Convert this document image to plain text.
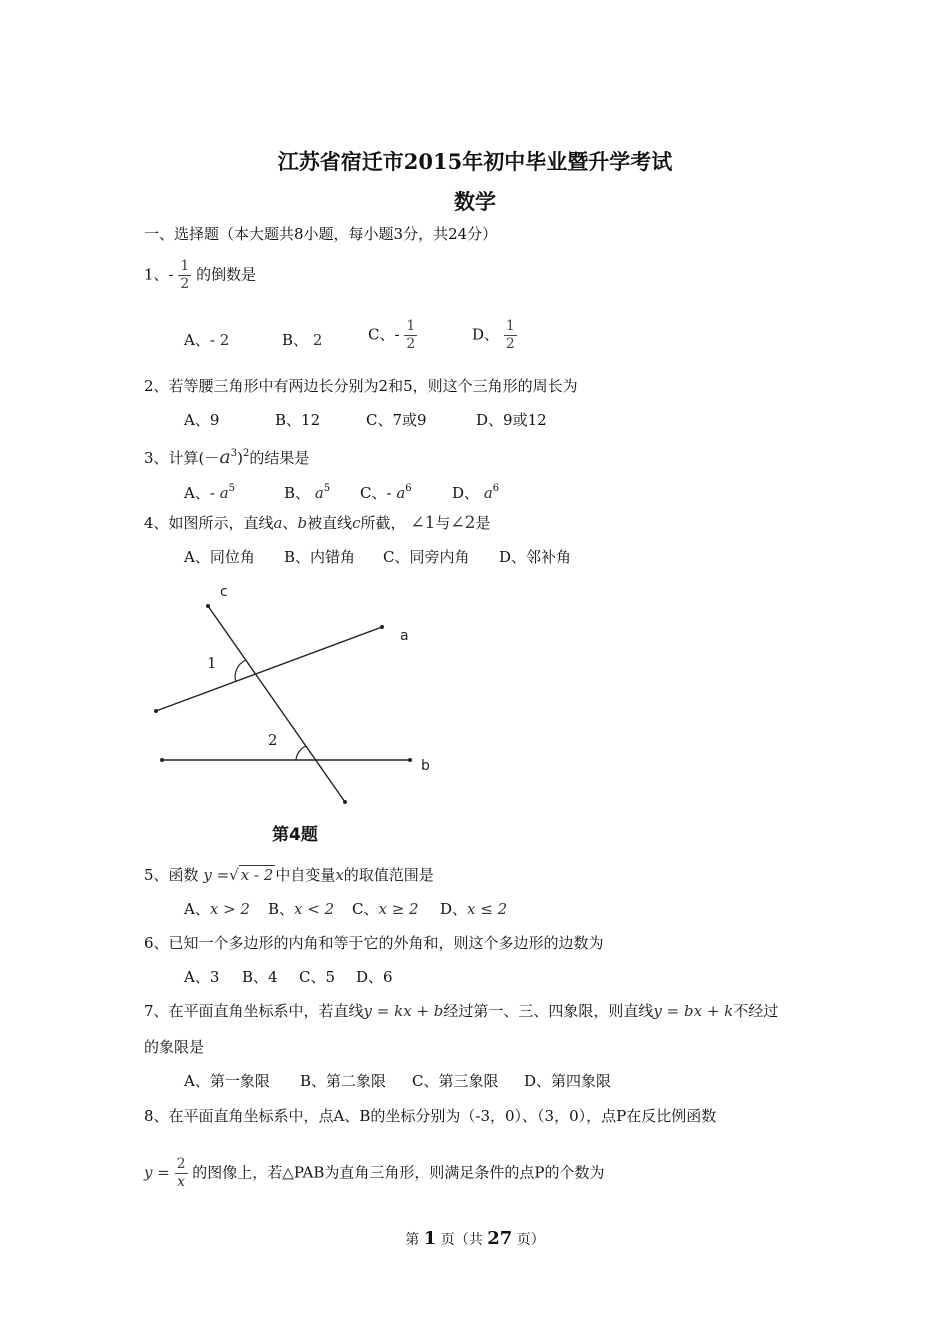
江苏省宿迁市2015年初中毕业暨升学考试
数学
一、选择题（本大题共8小题，每小题3分，共24分）
1、- $\frac{1}{2}$ 的倒数是
A、- 2	B、 2	C、- $\frac{1}{2}$	D、 $\frac{1}{2}$
2、若等腰三角形中有两边长分别为2和5，则这个三角形的周长为
A、9	B、12	C、7或9	D、9或12
3、计算$(-a^3)^2$的结果是
A、- $a^5$	B、 $a^5$ C、- $a^6$	D、 $a^6$
4、如图所示，直线a、b被直线c所截， ∠1与∠2是
A、同位角 B、内错角 C、同旁内角 D、邻补角
c
a
b
1
2
第4题
5、函数 y =√ x - 2 中自变量x的取值范围是
A、x > 2 B、x < 2 C、x ≥ 2 D、x ≤ 2
6、已知一个多边形的内角和等于它的外角和，则这个多边形的边数为
A、3 B、4 C、5 D、6
7、在平面直角坐标系中，若直线y = kx + b经过第一、三、四象限，则直线y = bx + k不经过
的象限是
A、第一象限 B、第二象限 C、第三象限 D、第四象限
8、在平面直角坐标系中，点A、B的坐标分别为（-3，0）、（3，0），点P在反比例函数
$y = \frac{2}{x}$ 的图像上，若△PAB为直角三角形，则满足条件的点P的个数为
第 1 页（共 27 页）
